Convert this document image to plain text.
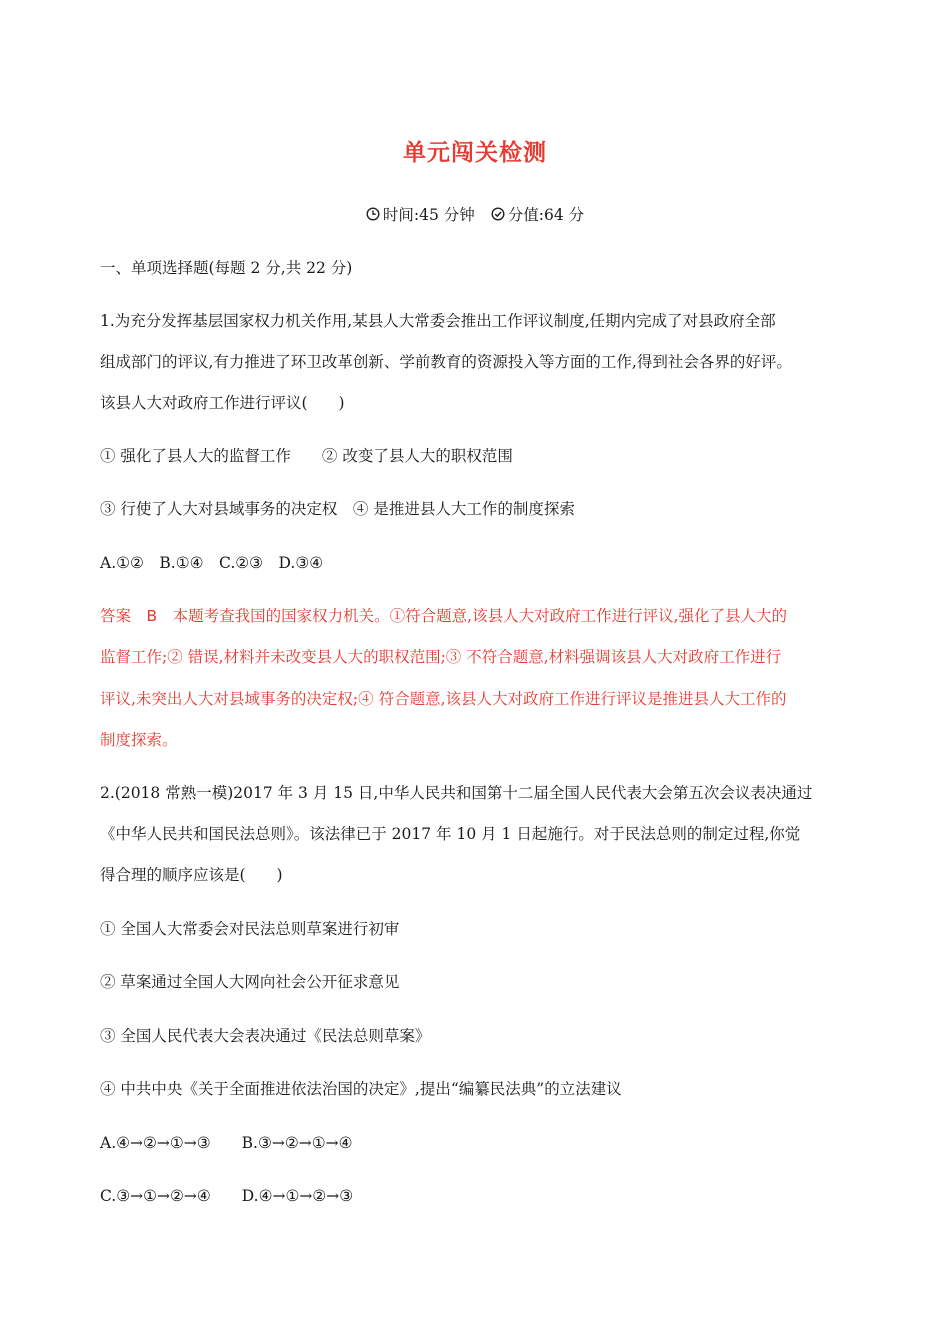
单元闯关检测
时间:45 分钟 分值:64 分
一、单项选择题(每题 2 分,共 22 分)
1.为充分发挥基层国家权力机关作用,某县人大常委会推出工作评议制度,任期内完成了对县政府全部
组成部门的评议,有力推进了环卫改革创新、学前教育的资源投入等方面的工作,得到社会各界的好评。
该县人大对政府工作进行评议(　　)
① 强化了县人大的监督工作　　② 改变了县人大的职权范围
③ 行使了人大对县域事务的决定权　④ 是推进县人大工作的制度探索
A.①②　B.①④　C.②③　D.③④
答案　B　 本题考查我国的国家权力机关。①符合题意,该县人大对政府工作进行评议,强化了县人大的
监督工作;② 错误,材料并未改变县人大的职权范围;③ 不符合题意,材料强调该县人大对政府工作进行
评议,未突出人大对县域事务的决定权;④ 符合题意,该县人大对政府工作进行评议是推进县人大工作的
制度探索。
2.(2018 常熟一模)2017 年 3 月 15 日,中华人民共和国第十二届全国人民代表大会第五次会议表决通过
《中华人民共和国民法总则》。该法律已于 2017 年 10 月 1 日起施行。对于民法总则的制定过程,你觉
得合理的顺序应该是(　　)
① 全国人大常委会对民法总则草案进行初审
② 草案通过全国人大网向社会公开征求意见
③ 全国人民代表大会表决通过《民法总则草案》
④ 中共中央《关于全面推进依法治国的决定》,提出“编纂民法典”的立法建议
A.④→②→①→③　　B.③→②→①→④
C.③→①→②→④　　D.④→①→②→③
